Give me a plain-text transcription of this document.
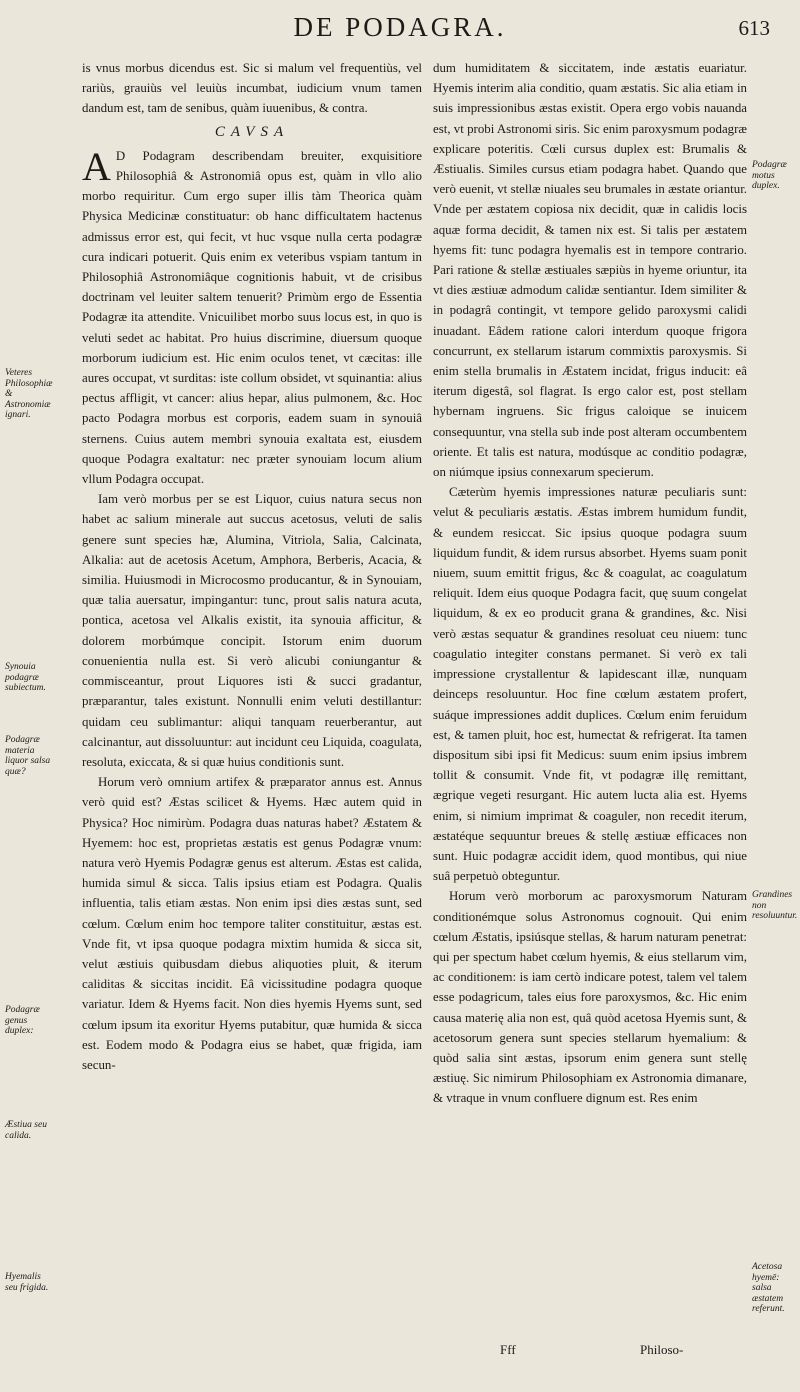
DE PODAGRA.	613

is vnus morbus dicendus est. Sic si malum vel frequentiùs, vel rariùs, grauiùs vel leuiùs incumbat, iudicium vnum tamen dandum est, tam de senibus, quàm iuuenibus, & contra.

CAVSA

A D Podagram describendam breuiter, exquisitiore Philosophiâ & Astronomiâ opus est, quàm in vllo alio morbo requiritur. Cum ergo super illis tàm Theorica quàm Physica Medicinæ constituatur: ob hanc difficultatem hactenus admissus error est, qui fecit, vt huc vsque nulla certa podagræ cura indicari potuerit. Quis enim ex veteribus vspiam tantum in Philosophiâ Astronomiâque cognitionis habuit, vt de crisibus doctrinam vel leuiter saltem tenuerit? Primùm ergo de Essentia Podagræ ita attendite. Vnicuilibet morbo suus locus est, in quo is veluti sedet ac habitat. Pro huius discrimine, diuersum quoque morborum iudicium est. Hic enim oculos tenet, vt cæcitas: ille aures occupat, vt surditas: iste collum obsidet, vt squinantia: alius pectus affligit, vt cancer: alius hepar, alius pulmonem, &c. Hoc pacto Podagra morbus est corporis, eadem suam in synouiâ sternens. Cuius autem membri synouia exaltata est, eiusdem quoque Podagra exaltatur: nec præter synouiam locum alium vllum Podagra occupat.

Iam verò morbus per se est Liquor, cuius natura secus non habet ac salium minerale aut succus acetosus, veluti de salis genere sunt species hæ, Alumina, Vitriola, Salia, Calcinata, Alkalia: aut de acetosis Acetum, Amphora, Berberis, Acacia, & similia. Huiusmodi in Microcosmo producantur, & in Synouiam, quæ talia auersatur, impingantur: tunc, prout salis natura acuta, pontica, acetosa vel Alkalis existit, ita synouia afficitur, & dolorem morbúmque concipit. Istorum enim duorum conuenientia nulla est. Si verò alicubi coniungantur & commisceantur, prout Liquores isti & succi gradantur, præparantur, tales existunt. Nonnulli enim veluti destillantur: quidam ceu sublimantur: aliqui tanquam reuerberantur, aut calcinantur, aut dissoluuntur: aut incidunt ceu Liquida, coagulata, resoluta, exiccata, & si quæ huius conditionis sunt.

Horum verò omnium artifex & præparator annus est. Annus verò quid est? Æstas scilicet & Hyems. Hæc autem quid in Physica? Hoc nimirùm. Podagra duas naturas habet? Æstatem & Hyemem: hoc est, proprietas æstatis est genus Podagræ vnum: natura verò Hyemis Podagræ genus est alterum. Æstas est calida, humida simul & sicca. Talis ipsius etiam est Podagra. Qualis influentia, talis etiam æstas. Non enim ipsi dies æstas sunt, sed cœlum. Cœlum enim hoc tempore taliter constituitur, æstas est. Vnde fit, vt ipsa quoque podagra mixtim humida & sicca sit, velut æstiuis quibusdam diebus aliquoties pluit, & iterum caliditas & siccitas incidit. Eâ vicissitudine podagra quoque variatur. Idem & Hyems facit. Non dies hyemis Hyems sunt, sed cœlum ipsum ita exoritur Hyems putabitur, quæ humida & sicca est. Eodem modo & Podagra eius se habet, quæ frigida, iam secun-

dum humiditatem & siccitatem, inde æstatis euariatur. Hyemis interim alia conditio, quam æstatis. Sic alia etiam in suis impressionibus æstas existit. Opera ergo vobis nauanda est, vt probi Astronomi siris. Sic enim paroxysmum podagræ explicare poteritis. Cœli cursus duplex est: Brumalis & Æstiualis. Similes cursus etiam podagra habet. Quando que verò euenit, vt stellæ niuales seu brumales in æstate oriantur. Vnde per æstatem copiosa nix decidit, quæ in calidis locis aquæ forma decidit, & tamen nix est. Si talis per æstatem hyems fit: tunc podagra hyemalis est in tempore contrario. Pari ratione & stellæ æstiuales sæpiùs in hyeme oriuntur, ita vt dies æstiuæ admodum calidæ sentiantur. Idem similiter & in podagrâ contingit, vt tempore gelido paroxysmi calidi inuadant. Eâdem ratione calori interdum quoque frigora concurrunt, ex stellarum istarum commixtis paroxysmis. Si enim stella brumalis in Æstatem incidat, frigus inducit: eâ iterum digestâ, sol flagrat. Is ergo calor est, post stellam hybernam ingruens. Sic frigus caloique se inuicem consequuntur, vna stella sub inde post alteram occumbentem oriente. Et talis est natura, modúsque ac conditio podagræ, on niúmque ipsius connexarum specierum.

Cæterùm hyemis impressiones naturæ peculiaris sunt: velut & peculiaris æstatis. Æstas imbrem humidum fundit, & eundem resiccat. Sic ipsius quoque podagra suum liquidum fundit, & idem rursus absorbet. Hyems suam ponit niuem, suum emittit frigus, &c & coagulat, ac coagulatum reliquit. Idem eius quoque Podagra facit, quę suum congelat liquidum, & ex eo producit grana & grandines, &c. Nisi verò æstas sequatur & grandines resoluat ceu niuem: tunc coagulatio integiter constans permanet. Si verò ex tali impressione crystallentur & lapidescant illæ, nunquam deinceps resoluuntur. Hoc fine cœlum æstatem profert, suáque impressiones addit duplices. Cœlum enim feruidum est, & tamen pluit, hoc est, humectat & refrigerat. Ita tamen dispositum sibi ipsi fit Medicus: suum enim ipsius imbrem tollit & consumit. Vnde fit, vt podagræ illę remittant, ægrique vegeti resurgant. Hic autem lucta alia est. Hyems enim, si nimium imprimat & coaguler, non recedit iterum, æstatéque sequuntur breues & stellę æstiuæ efficaces non sunt. Huic podagræ accidit idem, quod montibus, qui niue suâ perpetuò obteguntur.

Horum verò morborum ac paroxysmorum Naturam conditionémque solus Astronomus cognouit. Qui enim cœlum Æstatis, ipsiúsque stellas, & harum naturam penetrat: qui per spectum habet cœlum hyemis, & eius stellarum vim, ac conditionem: is iam certò indicare potest, talem vel talem esse podagricum, tales eius fore paroxysmos, &c. Hic enim causa materię alia non est, quâ quòd acetosa Hyemis sunt, & acetosorum genera sunt species stellarum hyemalium: & quòd salia sint æstas, ipsorum enim genera sunt stellę æstiuę. Sic nimirum Philosophiam ex Astronomia dimanare, & vtraque in vnum confluere dignum est. Res enim

Fff	Philoso-
Veteres Philosophiæ & Astronomiæ ignari.
Synouia podagræ subiectum.
Podagræ materia liquor salsa quæ?
Podagræ genus duplex:
Æstiua seu calida.
Hyemalis seu frigida.
Podagræ motus duplex.
Grandines non resoluuntur.
Acetosa hyemē: salsa æstatem referunt.
